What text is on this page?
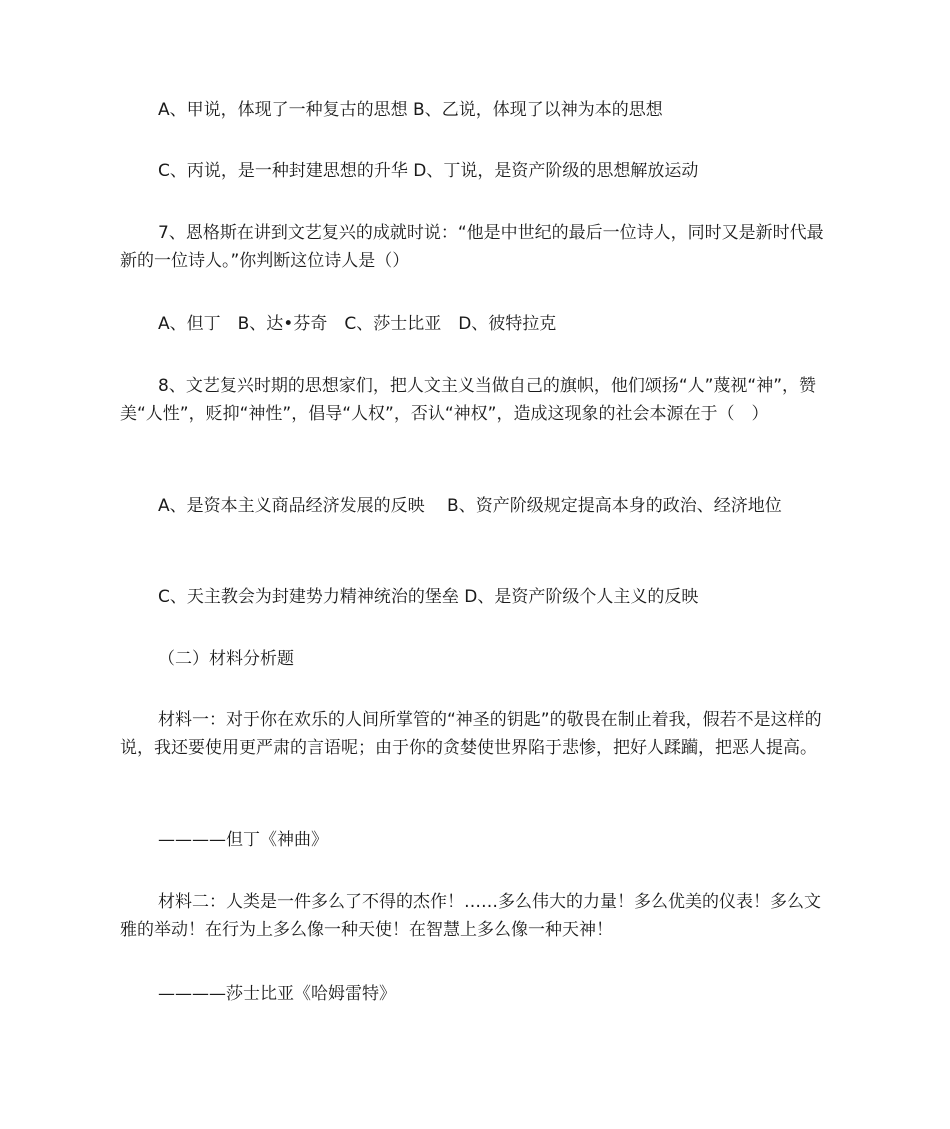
A、甲说，体现了一种复古的思想 B、乙说，体现了以神为本的思想

C、丙说，是一种封建思想的升华 D、丁说，是资产阶级的思想解放运动

7、恩格斯在讲到文艺复兴的成就时说：“他是中世纪的最后一位诗人，同时又是新时代最新的一位诗人。”你判断这位诗人是（）

A、但丁　B、达•芬奇　C、莎士比亚　D、彼特拉克

8、文艺复兴时期的思想家们，把人文主义当做自己的旗帜，他们颂扬“人”蔑视“神”，赞美“人性”，贬抑“神性”，倡导“人权”，否认“神权”，造成这现象的社会本源在于（　）

A、是资本主义商品经济发展的反映　 B、资产阶级规定提高本身的政治、经济地位

C、天主教会为封建势力精神统治的堡垒 D、是资产阶级个人主义的反映

（二）材料分析题

材料一：对于你在欢乐的人间所掌管的“神圣的钥匙”的敬畏在制止着我，假若不是这样的说，我还要使用更严肃的言语呢；由于你的贪婪使世界陷于悲惨，把好人蹂躏，把恶人提高。

————但丁《神曲》

材料二：人类是一件多么了不得的杰作！……多么伟大的力量！多么优美的仪表！多么文雅的举动！在行为上多么像一种天使！在智慧上多么像一种天神！

————莎士比亚《哈姆雷特》
